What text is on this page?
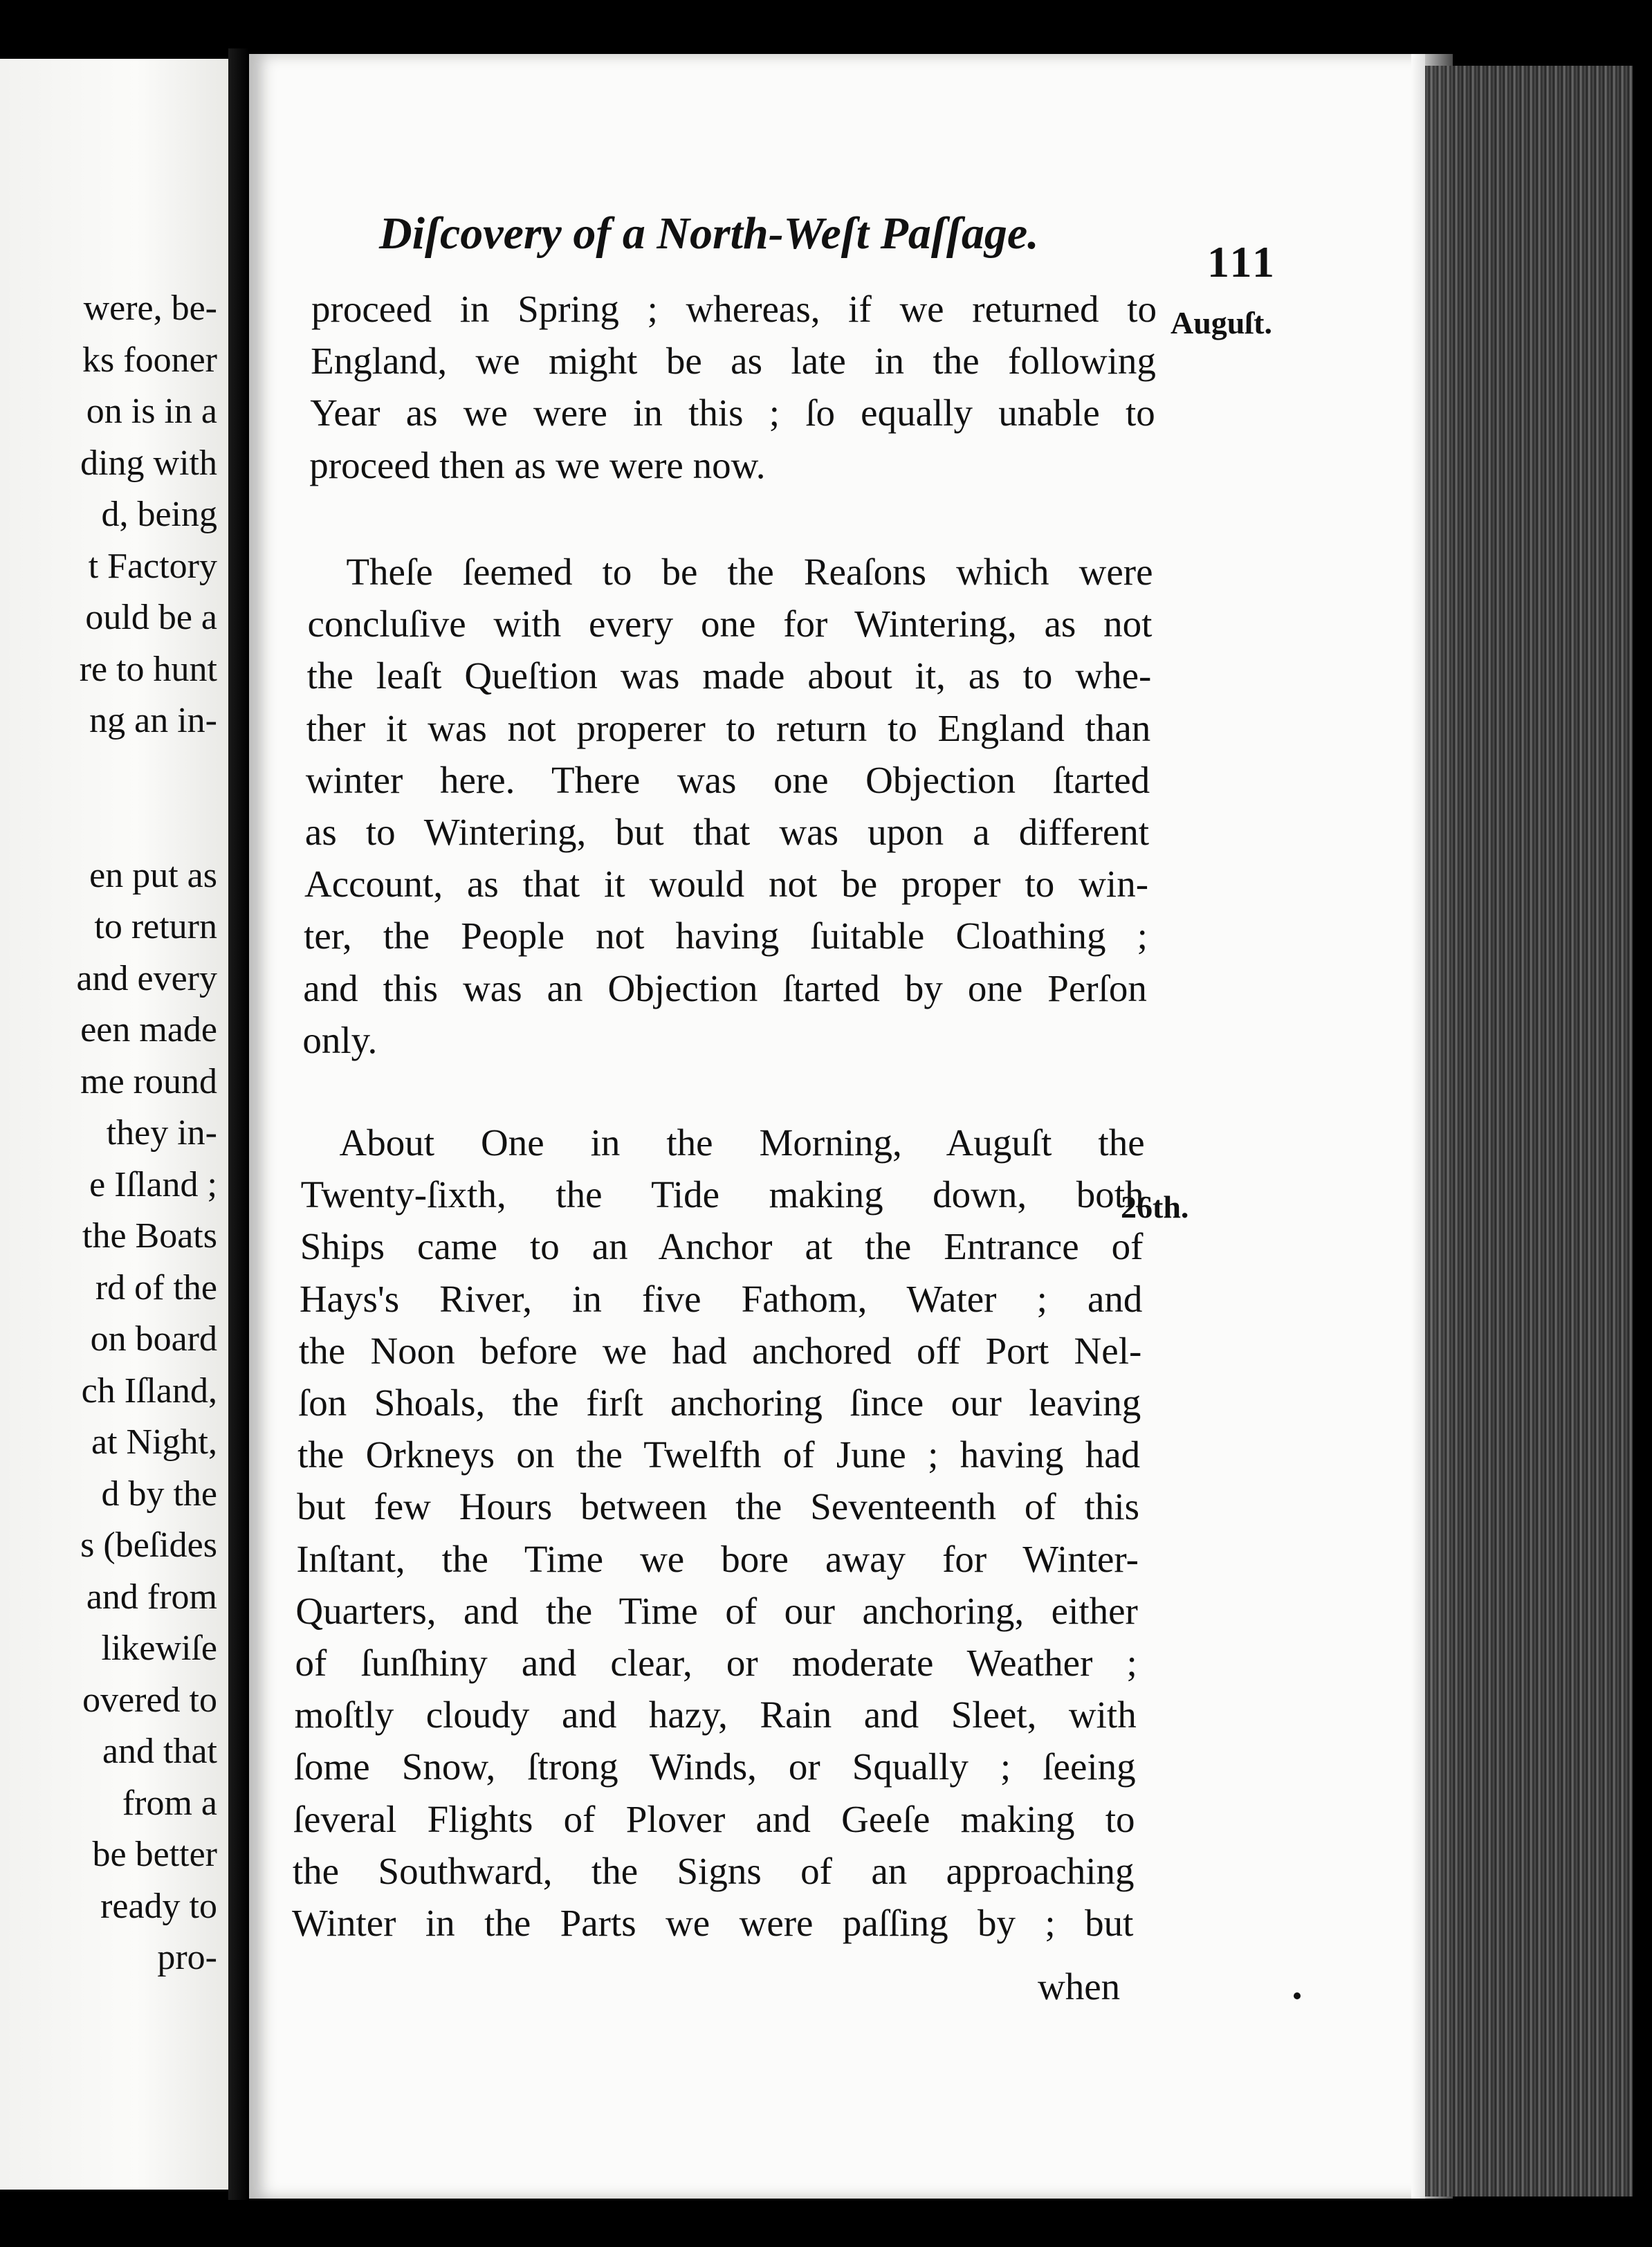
were, be-
ks fooner
on is in a
ding with
d, being
t Factory
ould be a
re to hunt
ng an in-
en put as
to return
and every
een made
me round
they in-
e Iſland ;
the Boats
rd of the
on board
ch Iſland,
at Night,
d by the
s (beſides
and from
likewiſe
overed to
and that
from a
be better
ready to
pro-
Diſcovery of a North-Weſt Paſſage.
111
Auguſt.
26th.
proceed in Spring ; whereas, if we returned to
England, we might be as late in the following
Year as we were in this ; ſo equally unable to
proceed then as we were now.
Theſe ſeemed to be the Reaſons which were
concluſive with every one for Wintering, as not
the leaſt Queſtion was made about it, as to whe-
ther it was not properer to return to England than
winter here. There was one Objection ſtarted
as to Wintering, but that was upon a different
Account, as that it would not be proper to win-
ter, the People not having ſuitable Cloathing ;
and this was an Objection ſtarted by one Perſon
only.
About One in the Morning, Auguſt the
Twenty-ſixth, the Tide making down, both
Ships came to an Anchor at the Entrance of
Hays's River, in five Fathom, Water ; and
the Noon before we had anchored off Port Nel-
ſon Shoals, the firſt anchoring ſince our leaving
the Orkneys on the Twelfth of June ; having had
but few Hours between the Seventeenth of this
Inſtant, the Time we bore away for Winter-
Quarters, and the Time of our anchoring, either
of ſunſhiny and clear, or moderate Weather ;
moſtly cloudy and hazy, Rain and Sleet, with
ſome Snow, ſtrong Winds, or Squally ; ſeeing
ſeveral Flights of Plover and Geeſe making to
the Southward, the Signs of an approaching
Winter in the Parts we were paſſing by ; but
when
